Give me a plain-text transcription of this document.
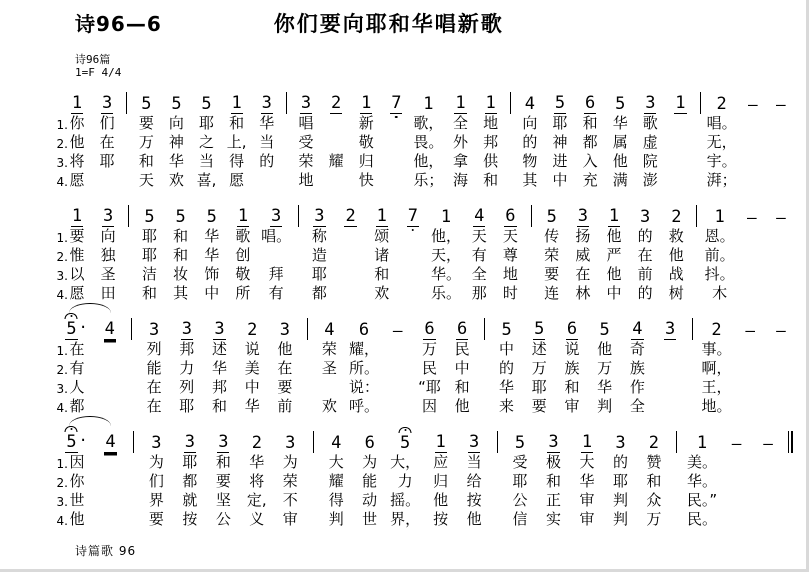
诗96—6	你们要向耶和华唱新歌
诗96篇
1=F 4/4
1
1. 你
2. 他
3. 将
4. 愿
3
们
在
耶
5
要
万
和
天
5
向
神
华
欢
5
耶
之
当
喜,
1
和
上,
得
愿
3
华
当
的
3
唱
受
荣
地
2
耀
1
新
敬
归
快
7 1
歌，
畏。
他，
乐；
1
全
外
拿
海
1
地
邦
供
和
4
向
的
物
其
5
耶
神
进
中
6
和
都
入
充
5
华
属
他
满
3
歌
虚
院
澎
1 2
唱。
无，
宇。
湃；
— —
1
1. 要
2. 惟
3. 以
4. 愿
3
向
独
圣
田
5
耶
耶
洁
和
5
和
和
妆
其
5
华
华
饰
中
1
歌
创
敬
所
3
唱。
拜
有
3
称
造
耶
都
2 1
颂
诸
和
欢
7 1
他，
天，
华。
乐。
4
天
有
全
那
6
天
尊
地
时
5
传
荣
要
连
3
扬
威
在
林
1
他
严
他
中
3
的
在
前
的
2
救
他
战
树
1
恩。
前。
抖。
木
— —
5 ·
1. 在
2. 有
3. 人
4. 都
4 3
列
能
在
在
3
邦
力
列
耶
3
述
华
邦
和
2
说
美
中
华
3
他
在
要
前
4
荣
圣
欢
6
耀，
所。
说：
呼。
— 6
万
民
“耶
因
6
民
中
和
他
5
中
的
华
来
5
述
万
耶
要
6
说
族
和
审
5
他
万
华
判
4
奇
族
作
全
3 2
事。
啊，
王，
地。
— —
5 ·
1. 因
2. 你
3. 世
4. 他
4 3
为
们
界
要
3
耶
都
就
按
3
和
要
坚
公
2
华
将
定,
义
3
为
荣
不
审
4
大
耀
得
判
6
为
能
动
世
5
大，
力
摇。
界，
1
应
归
他
按
3
当
给
按
他
5
受
耶
公
信
3
极
和
正
实
1
大
华
审
审
3
的
耶
判
判
2
赞
和
众
万
1
美。
华。
民。”
民。
— —
诗篇歌 96
